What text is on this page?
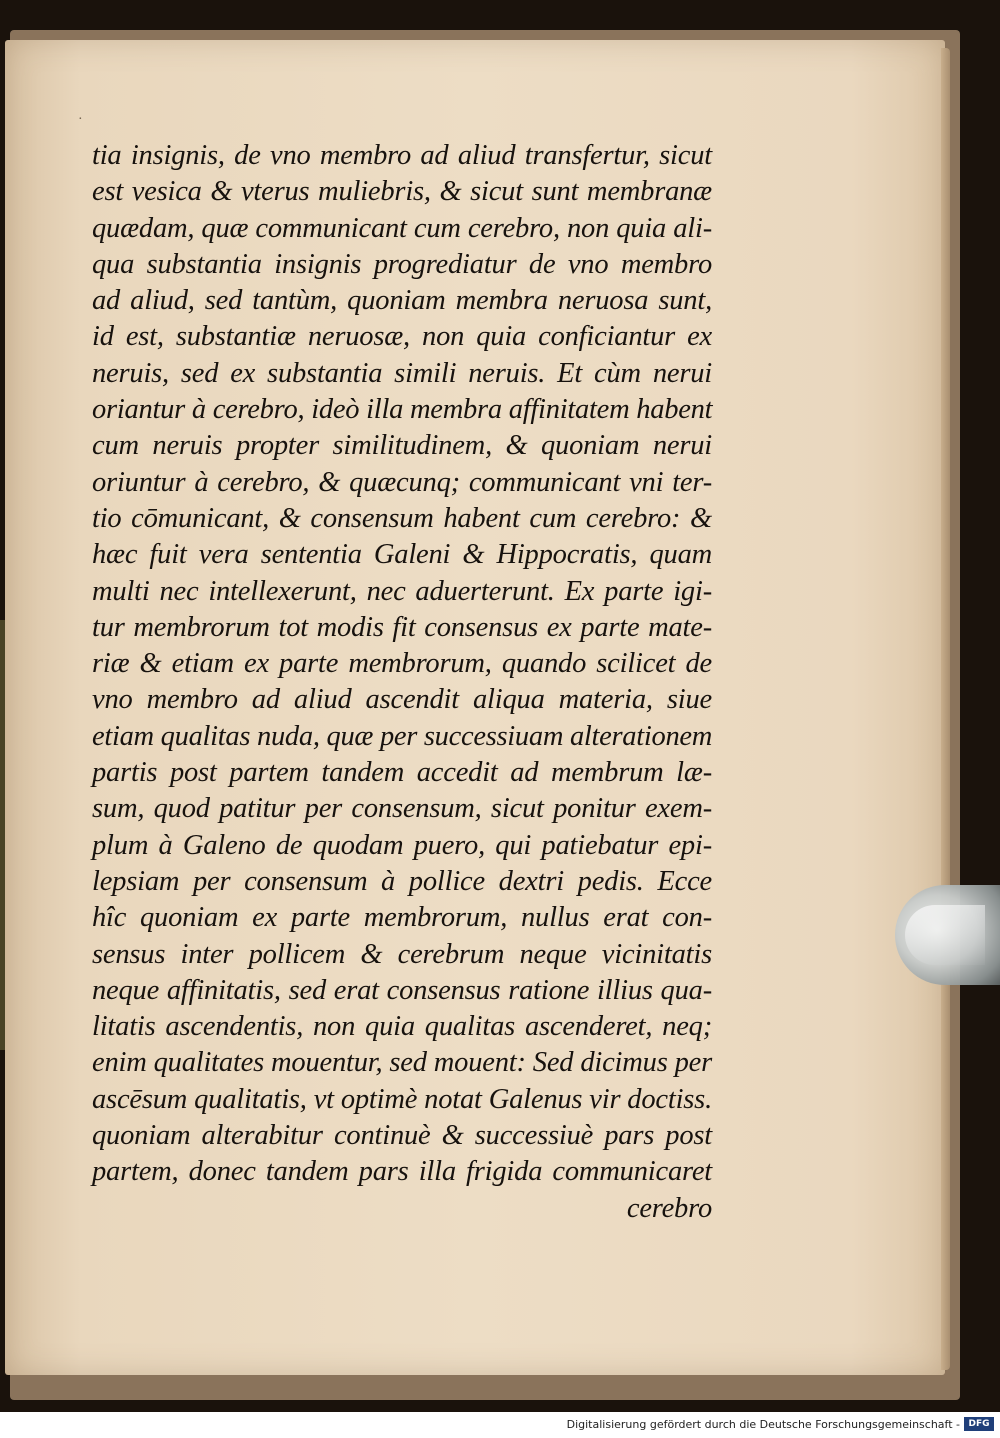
·
tia insignis, de vno membro ad aliud transfertur, sicut
est vesica & vterus muliebris, & sicut sunt membranæ
quædam, quæ communicant cum cerebro, non quia ali-
qua substantia insignis progrediatur de vno membro
ad aliud, sed tantùm, quoniam membra neruosa sunt,
id est, substantiæ neruosæ, non quia conficiantur ex
neruis, sed ex substantia simili neruis. Et cùm nerui
oriantur à cerebro, ideò illa membra affinitatem habent
cum neruis propter similitudinem, & quoniam nerui
oriuntur à cerebro, & quæcunq; communicant vni ter-
tio cōmunicant, & consensum habent cum cerebro: &
hæc fuit vera sententia Galeni & Hippocratis, quam
multi nec intellexerunt, nec aduerterunt. Ex parte igi-
tur membrorum tot modis fit consensus ex parte mate-
riæ & etiam ex parte membrorum, quando scilicet de
vno membro ad aliud ascendit aliqua materia, siue
etiam qualitas nuda, quæ per successiuam alterationem
partis post partem tandem accedit ad membrum læ-
sum, quod patitur per consensum, sicut ponitur exem-
plum à Galeno de quodam puero, qui patiebatur epi-
lepsiam per consensum à pollice dextri pedis. Ecce
hîc quoniam ex parte membrorum, nullus erat con-
sensus inter pollicem & cerebrum neque vicinitatis
neque affinitatis, sed erat consensus ratione illius qua-
litatis ascendentis, non quia qualitas ascenderet, neq;
enim qualitates mouentur, sed mouent: Sed dicimus per
ascēsum qualitatis, vt optimè notat Galenus vir doctiss.
quoniam alterabitur continuè & successiuè pars post
partem, donec tandem pars illa frigida communicaret
cerebro
Digitalisierung gefördert durch die Deutsche Forschungsgemeinschaft - DFG
